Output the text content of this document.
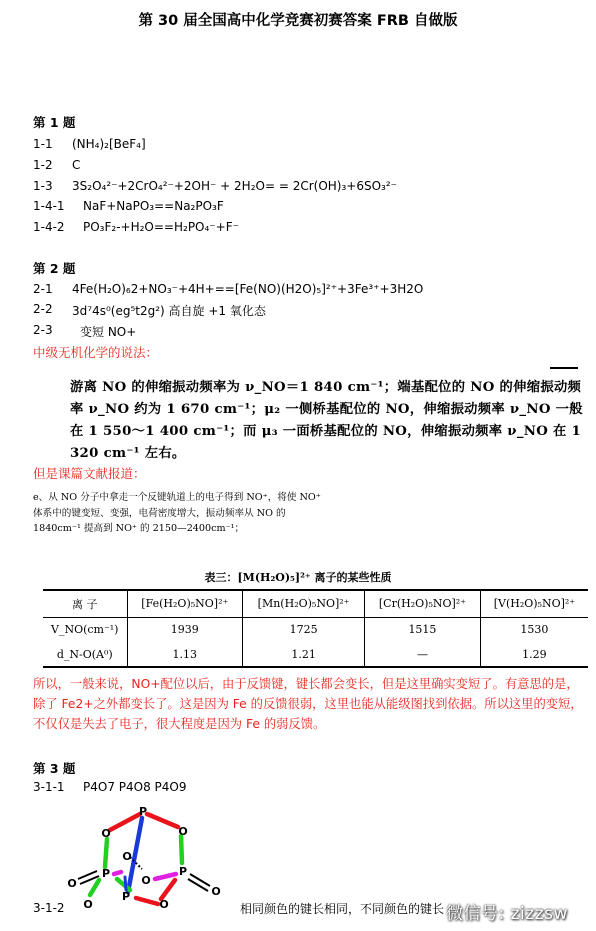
第 30 届全国高中化学竞赛初赛答案 FRB 自做版
第 1 题
1-1 (NH₄)₂[BeF₄]
1-2 C
1-3 3S₂O₄²⁻+2CrO₄²⁻+2OH⁻ + 2H₂O= = 2Cr(OH)₃+6SO₃²⁻
1-4-1 NaF+NaPO₃==Na₂PO₃F
1-4-2 PO₃F₂-+H₂O==H₂PO₄⁻+F⁻
第 2 题
2-1 4Fe(H₂O)₆2+NO₃⁻+4H+==[Fe(NO)(H2O)₅]²⁺+3Fe³⁺+3H2O
2-2 3d⁷4s⁰(eg⁵t2g²) 高自旋 +1 氧化态
2-3 变短 NO+
中级无机化学的说法：
游离 NO 的伸缩振动频率为 ν_NO＝1 840 cm⁻¹；端基配位的 NO 的伸缩振动频率 ν_NO 约为 1 670 cm⁻¹；μ₂ 一侧桥基配位的 NO，伸缩振动频率 ν_NO 一般在 1 550～1 400 cm⁻¹；而 μ₃ 一面桥基配位的 NO，伸缩振动频率 ν_NO 在 1 320 cm⁻¹ 左右。
但是课篇文献报道：
e、从 NO 分子中拿走一个反键轨道上的电子得到 NO⁺，将使 NO⁺ 体系中的键变短、变强，电荷密度增大，振动频率从 NO 的 1840cm⁻¹ 提高到 NO⁺ 的 2150—2400cm⁻¹；
表三：[M(H₂O)₅]²⁺ 离子的某些性质
离 子	[Fe(H₂O)₅NO]²⁺	[Mn(H₂O)₅NO]²⁺	[Cr(H₂O)₅NO]²⁺	[V(H₂O)₅NO]²⁺
V_NO(cm⁻¹)	1939	1725	1515	1530
d_N-O(A⁰)	1.13	1.21	—	1.29
所以，一般来说，NO+配位以后，由于反馈键，键长都会变长，但是这里确实变短了。有意思的是，除了 Fe2+之外都变长了。这是因为 Fe 的反馈很弱，这里也能从能级图找到依据。所以这里的变短，不仅仅是失去了电子，很大程度是因为 Fe 的弱反馈。
第 3 题
3-1-1 P4O7 P4O8 P4O9
P
O
O
O
P	P
O
O
O
P
O	O
3-1-2	相同颜色的键长相同，不同颜色的键长 微信号: zizzsw
